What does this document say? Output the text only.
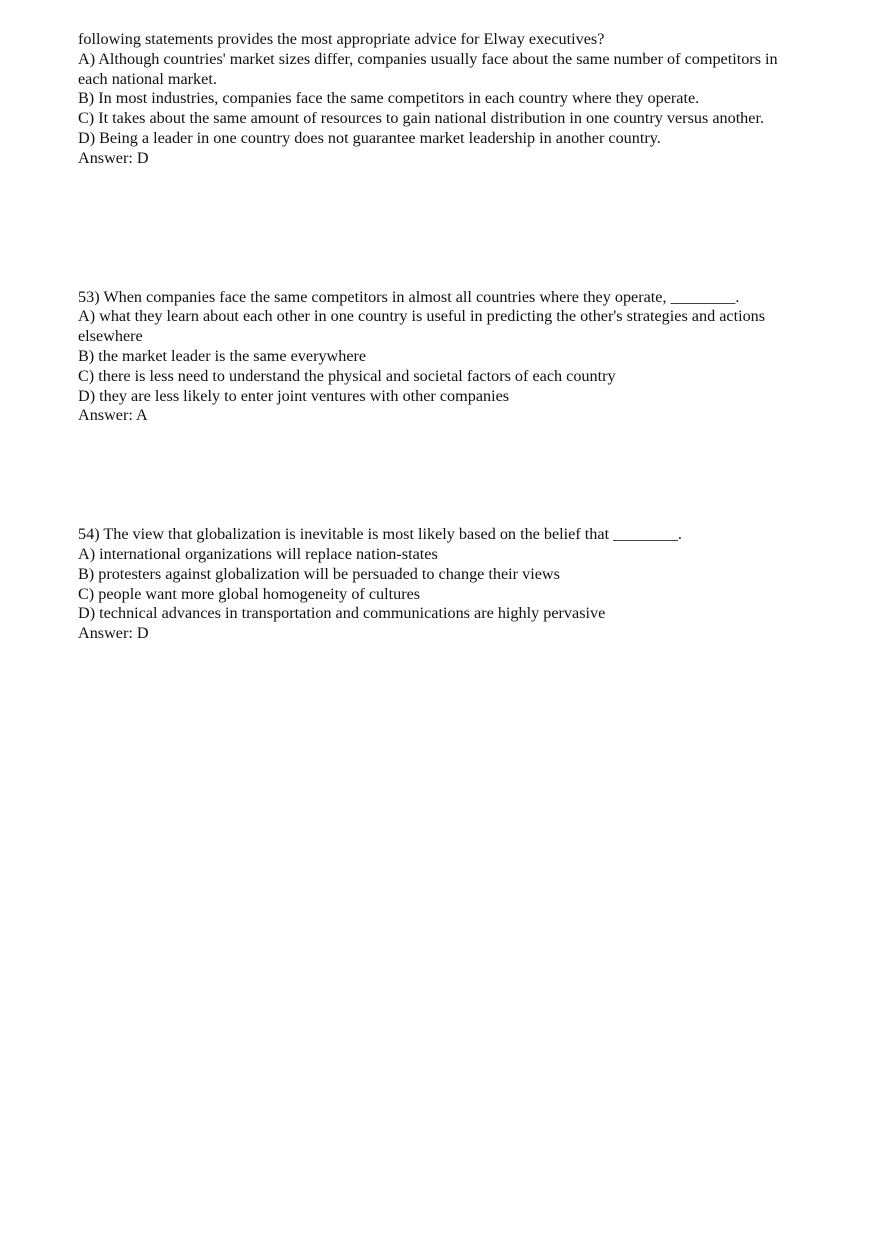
following statements provides the most appropriate advice for Elway executives?
A) Although countries' market sizes differ, companies usually face about the same number of competitors in each national market.
B) In most industries, companies face the same competitors in each country where they operate.
C) It takes about the same amount of resources to gain national distribution in one country versus another.
D) Being a leader in one country does not guarantee market leadership in another country.
Answer: D
53) When companies face the same competitors in almost all countries where they operate, ________.
A) what they learn about each other in one country is useful in predicting the other's strategies and actions elsewhere
B) the market leader is the same everywhere
C) there is less need to understand the physical and societal factors of each country
D) they are less likely to enter joint ventures with other companies
Answer: A
54) The view that globalization is inevitable is most likely based on the belief that ________.
A) international organizations will replace nation-states
B) protesters against globalization will be persuaded to change their views
C) people want more global homogeneity of cultures
D) technical advances in transportation and communications are highly pervasive
Answer: D
